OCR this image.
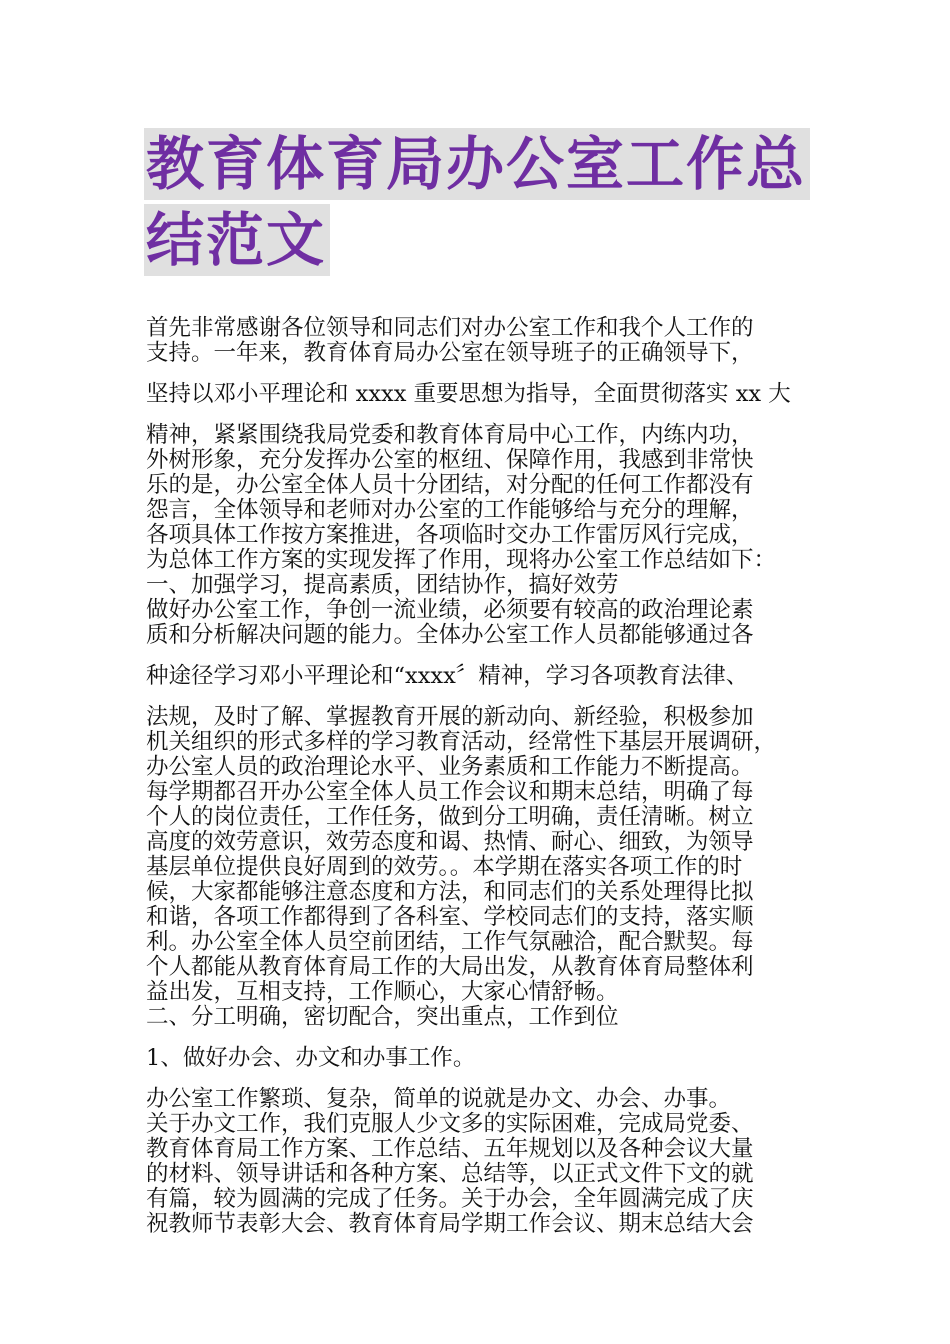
教育体育局办公室工作总
结范文
首先非常感谢各位领导和同志们对办公室工作和我个人工作的
支持。一年来，教育体育局办公室在领导班子的正确领导下，
坚持以邓小平理论和 xxxx 重要思想为指导，全面贯彻落实 xx 大
精神，紧紧围绕我局党委和教育体育局中心工作，内练内功，
外树形象，充分发挥办公室的枢纽、保障作用，我感到非常快
乐的是，办公室全体人员十分团结，对分配的任何工作都没有
怨言，全体领导和老师对办公室的工作能够给与充分的理解，
各项具体工作按方案推进，各项临时交办工作雷厉风行完成，
为总体工作方案的实现发挥了作用，现将办公室工作总结如下：
一、加强学习，提高素质，团结协作，搞好效劳
做好办公室工作，争创一流业绩，必须要有较高的政治理论素
质和分析解决问题的能力。全体办公室工作人员都能够通过各
种途径学习邓小平理论和“xxxx〞精神，学习各项教育法律、
法规，及时了解、掌握教育开展的新动向、新经验，积极参加
机关组织的形式多样的学习教育活动，经常性下基层开展调研，
办公室人员的政治理论水平、业务素质和工作能力不断提高。
每学期都召开办公室全体人员工作会议和期末总结，明确了每
个人的岗位责任，工作任务，做到分工明确，责任清晰。树立
高度的效劳意识，效劳态度和谒、热情、耐心、细致，为领导
基层单位提供良好周到的效劳。。本学期在落实各项工作的时
候，大家都能够注意态度和方法，和同志们的关系处理得比拟
和谐，各项工作都得到了各科室、学校同志们的支持，落实顺
利。办公室全体人员空前团结，工作气氛融洽，配合默契。每
个人都能从教育体育局工作的大局出发，从教育体育局整体利
益出发，互相支持，工作顺心，大家心情舒畅。
二、分工明确，密切配合，突出重点，工作到位
1、做好办会、办文和办事工作。
办公室工作繁琐、复杂，简单的说就是办文、办会、办事。
关于办文工作，我们克服人少文多的实际困难，完成局党委、
教育体育局工作方案、工作总结、五年规划以及各种会议大量
的材料、领导讲话和各种方案、总结等，以正式文件下文的就
有篇，较为圆满的完成了任务。关于办会，全年圆满完成了庆
祝教师节表彰大会、教育体育局学期工作会议、期末总结大会
